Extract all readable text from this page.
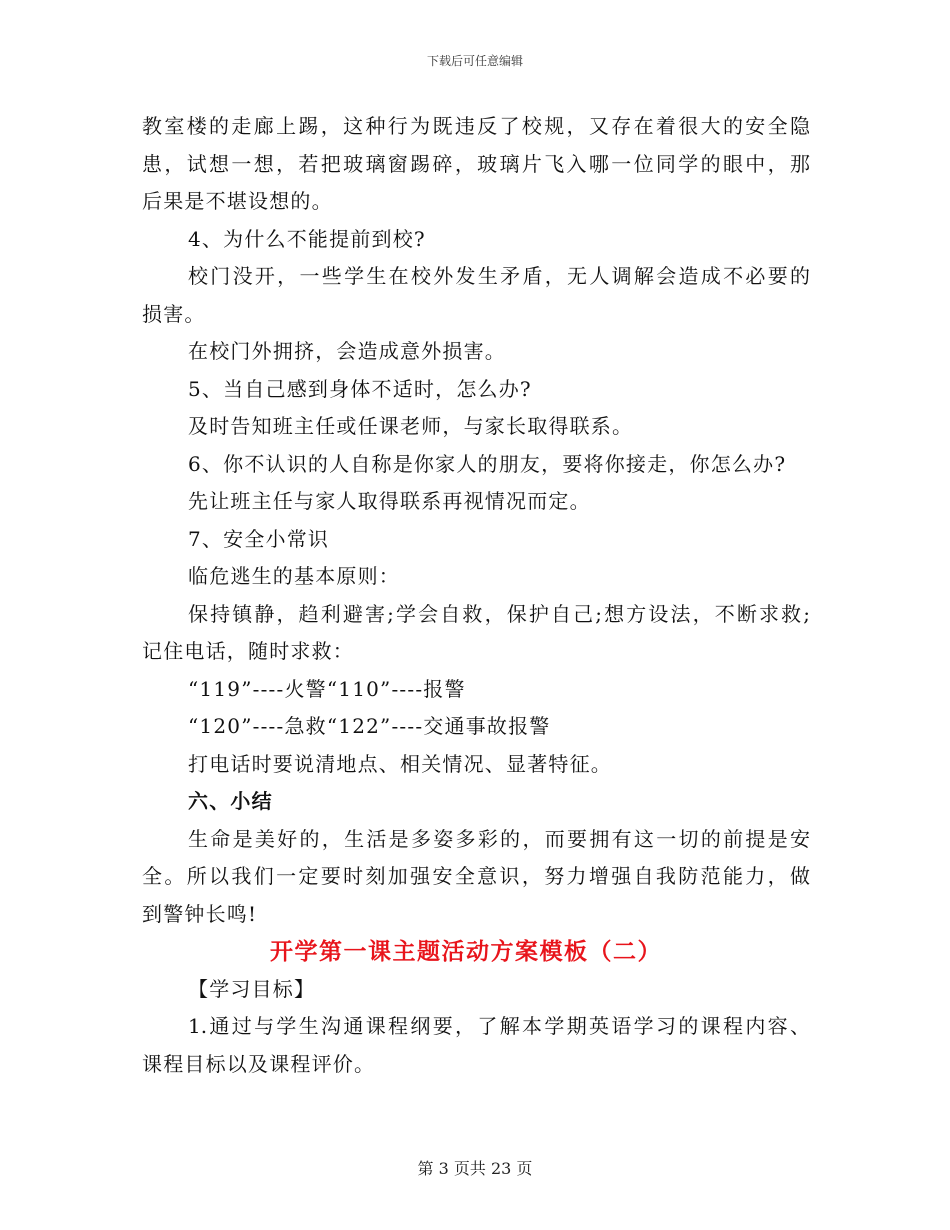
下载后可任意编辑
教室楼的走廊上踢，这种行为既违反了校规，又存在着很大的安全隐
患，试想一想，若把玻璃窗踢碎，玻璃片飞入哪一位同学的眼中，那
后果是不堪设想的。
4、为什么不能提前到校?
校门没开，一些学生在校外发生矛盾，无人调解会造成不必要的
损害。
在校门外拥挤，会造成意外损害。
5、当自己感到身体不适时，怎么办?
及时告知班主任或任课老师，与家长取得联系。
6、你不认识的人自称是你家人的朋友，要将你接走，你怎么办?
先让班主任与家人取得联系再视情况而定。
7、安全小常识
临危逃生的基本原则：
保持镇静，趋利避害;学会自救，保护自己;想方设法，不断求救;
记住电话，随时求救：
“119”----火警“110”----报警
“120”----急救“122”----交通事故报警
打电话时要说清地点、相关情况、显著特征。
六、小结
生命是美好的，生活是多姿多彩的，而要拥有这一切的前提是安
全。所以我们一定要时刻加强安全意识，努力增强自我防范能力，做
到警钟长鸣!
开学第一课主题活动方案模板（二）
【学习目标】
1.通过与学生沟通课程纲要，了解本学期英语学习的课程内容、
课程目标以及课程评价。
第 3 页共 23 页
